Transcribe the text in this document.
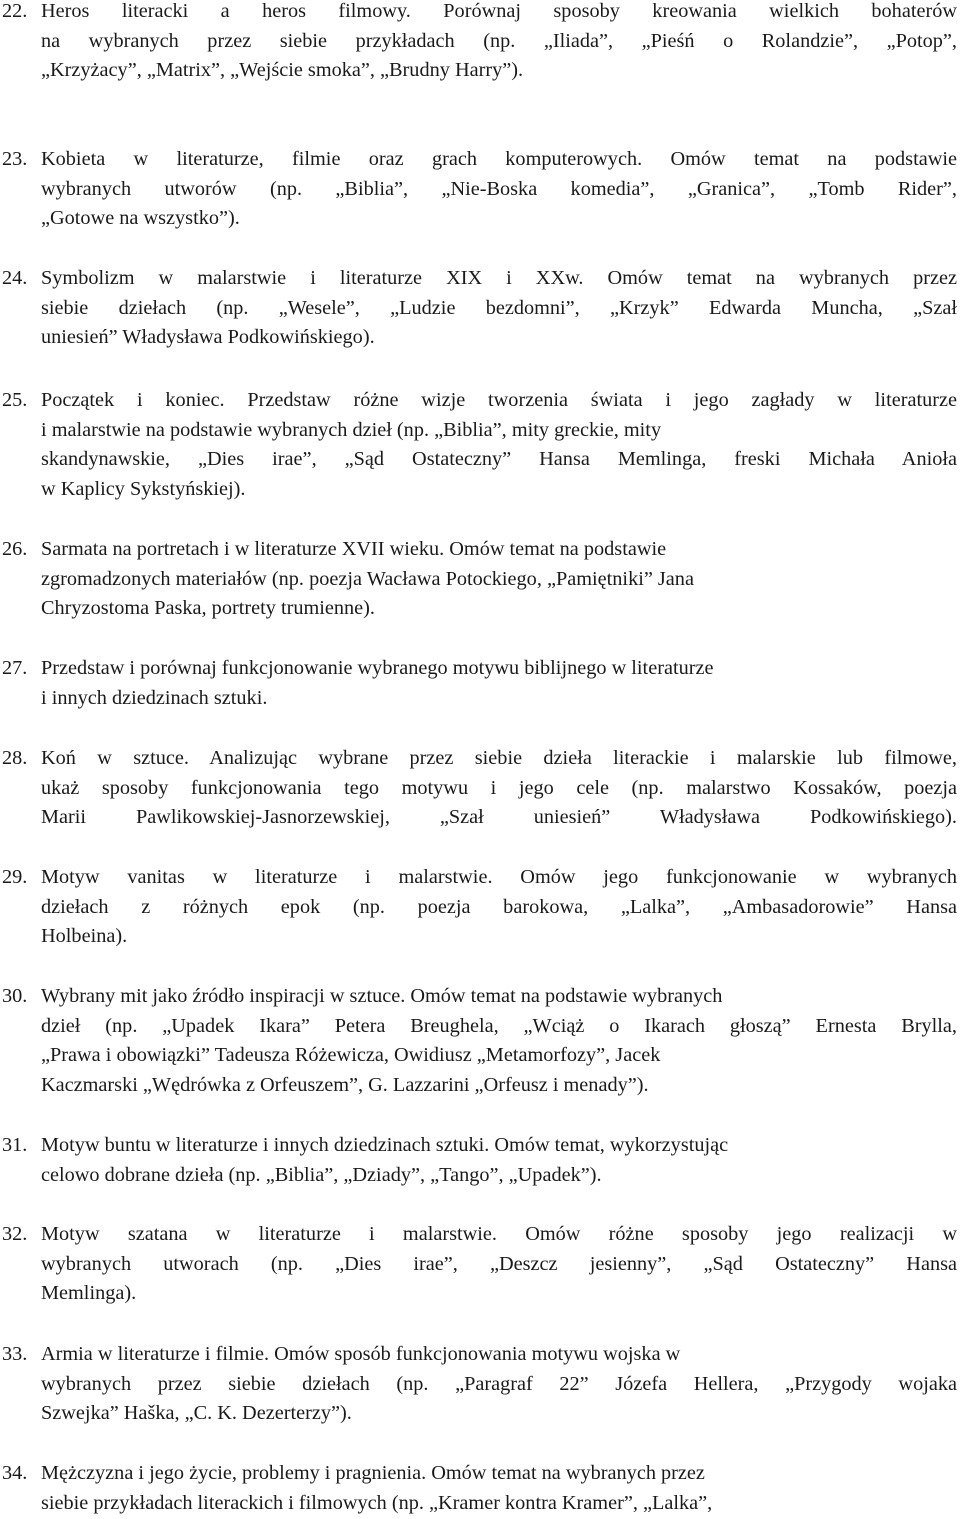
22. Heros literacki a heros filmowy. Porównaj sposoby kreowania wielkich bohaterów
na wybranych przez siebie przykładach (np. „Iliada”, „Pieśń o Rolandzie”, „Potop”,
„Krzyżacy”, „Matrix”, „Wejście smoka”, „Brudny Harry”).
23. Kobieta w literaturze, filmie oraz grach komputerowych. Omów temat na podstawie
wybranych utworów (np. „Biblia”, „Nie-Boska komedia”, „Granica”, „Tomb Rider”,
„Gotowe na wszystko”).
24. Symbolizm w malarstwie i literaturze XIX i XXw. Omów temat na wybranych przez
siebie dziełach (np. „Wesele”, „Ludzie bezdomni”, „Krzyk” Edwarda Muncha, „Szał
uniesień” Władysława Podkowińskiego).
25. Początek i koniec. Przedstaw różne wizje tworzenia świata i jego zagłady w literaturze
i malarstwie na podstawie wybranych dzieł (np. „Biblia”, mity greckie, mity
skandynawskie, „Dies irae”, „Sąd Ostateczny” Hansa Memlinga, freski Michała Anioła
w Kaplicy Sykstyńskiej).
26. Sarmata na portretach i w literaturze XVII wieku. Omów temat na podstawie
zgromadzonych materiałów (np. poezja Wacława Potockiego, „Pamiętniki” Jana
Chryzostoma Paska, portrety trumienne).
27. Przedstaw i porównaj funkcjonowanie wybranego motywu biblijnego w literaturze
i innych dziedzinach sztuki.
28. Koń w sztuce. Analizując wybrane przez siebie dzieła literackie i malarskie lub filmowe,
ukaż sposoby funkcjonowania tego motywu i jego cele (np. malarstwo Kossaków, poezja
Marii Pawlikowskiej-Jasnorzewskiej, „Szał uniesień” Władysława Podkowińskiego).
29. Motyw vanitas w literaturze i malarstwie. Omów jego funkcjonowanie w wybranych
dziełach z różnych epok (np. poezja barokowa, „Lalka”, „Ambasadorowie” Hansa
Holbeina).
30. Wybrany mit jako źródło inspiracji w sztuce. Omów temat na podstawie wybranych
dzieł (np. „Upadek Ikara” Petera Breughela, „Wciąż o Ikarach głoszą” Ernesta Brylla,
„Prawa i obowiązki” Tadeusza Różewicza, Owidiusz „Metamorfozy”, Jacek
Kaczmarski „Wędrówka z Orfeuszem”, G. Lazzarini „Orfeusz i menady”).
31. Motyw buntu w literaturze i innych dziedzinach sztuki. Omów temat, wykorzystując
celowo dobrane dzieła (np. „Biblia”, „Dziady”, „Tango”, „Upadek”).
32. Motyw szatana w literaturze i malarstwie. Omów różne sposoby jego realizacji w
wybranych utworach (np. „Dies irae”, „Deszcz jesienny”, „Sąd Ostateczny” Hansa
Memlinga).
33. Armia w literaturze i filmie. Omów sposób funkcjonowania motywu wojska w
wybranych przez siebie dziełach (np. „Paragraf 22” Józefa Hellera, „Przygody wojaka
Szwejka” Haška, „C. K. Dezerterzy”).
34. Mężczyzna i jego życie, problemy i pragnienia. Omów temat na wybranych przez
siebie przykładach literackich i filmowych (np. „Kramer kontra Kramer”, „Lalka”,
